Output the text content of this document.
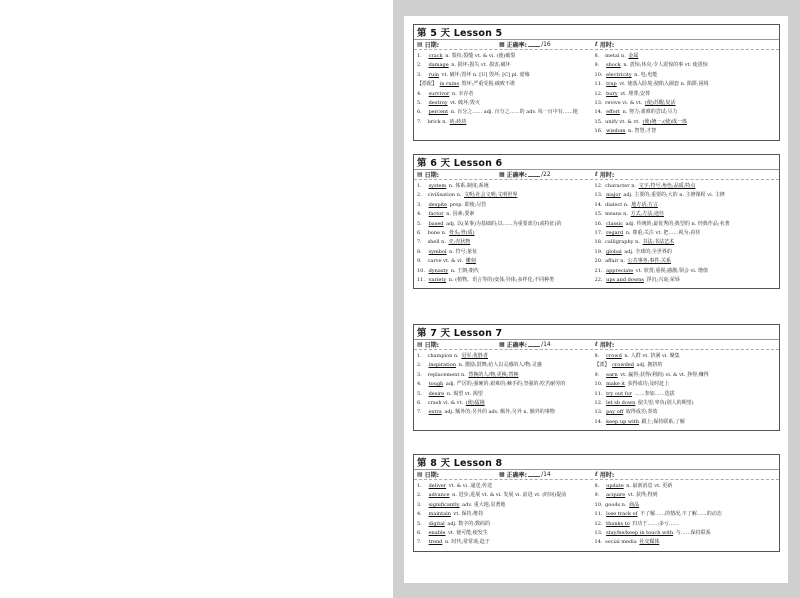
第 5 天 Lesson 5
▤ 日期:	▦ 正确率: /16	ℓ 用时:
1. crack n. 裂纹;裂缝 vt. & vi. (使)破裂
2. damage n. 损坏;损失 vt. 损害;破坏
3. ruin vt. 破坏;毁坏 n. [U] 毁坏; [C] pl. 废墟
【搭配】 in ruins 毁坏;严重受损;破败不堪
4. survivor n. 幸存者
5. destroy vt. 破坏;毁灭
6. percent n. 百分之…… adj. 百分之……的 adv. 每一百中有……地
7. brick n. 砖;砖块
8. metal n. 金属
9. shock n. 震惊;休克;令人震惊的事 vt. 使震惊
10. electricity n. 电;电能
11. trap vt. 使落入险境;使陷入圈套 n. 陷阱;困境
12. bury vt. 埋葬;安葬
13. revive vi. & vt. (使)苏醒;复活
14. effort n. 努力;艰难的尝试;尽力
15. unify vt. & vt. (使)统一;(使)成一体
16. wisdom n. 智慧;才智
第 6 天 Lesson 6
▤ 日期:	▦ 正确率: /22	ℓ 用时:
1. system n. 体系;制度;系统
2. civilisation n. 文明;社会文明;文明世界
3. despite prep. 即使;尽管
4. factor n. 因素;要素
5. based adj. 以(某事)为基础的;以……为重要部分(或特征)的
6. bone n. 骨头;骨(质)
7. shell n. 壳;壳状物
8. symbol n. 符号;象征
9. carve vt. & vi. 雕刻
10. dynasty n. 王朝;朝代
11. variety n. (植物、语言等的)变体;异体;多样化;不同种类
12. character n. 文字;符号;角色;品质;特点
13. major adj. 主要的;重要的;大的 n. 主修课程 vi. 主修
14. dialect n. 地方话;方言
15. means n. 方式;方法;途径
16. classic adj. 传统的;最优秀的;典型的 n. 经典作品;名著
17. regard n. 尊重;关注 vt. 把……视为;看待
18. calligraphy n. 书法;书法艺术
19. global adj. 全球的;全世界的
20. affair n. 公共事务;事件;关系
21. appreciate vt. 欣赏;重视;感激;领会 vi. 增值
22. ups and downs 浮沉;兴衰;荣辱
第 7 天 Lesson 7
▤ 日期:	▦ 正确率: /14	ℓ 用时:
1. champion n. 冠军;优胜者
2. inspiration n. 激励;鼓舞;给人以灵感的人/物;灵感
3. replacement n. 替换的人/物;更换;替换
4. tough adj. 严厉的;强硬的;艰难的;棘手的;坚强的;吃苦耐劳的
5. desire n. 渴望 vt. 渴望
6. crash vi. & vt. (使)猛撞
7. extra adj. 额外的;另外的 adv. 额外;另外 n. 额外的事物
8. crowd n. 人群 vt. 挤满 vi. 聚集
【派】 crowded adj. 拥挤的
9. earn vt. 赢得;获得(利润) vi. & vt. 挣得;赚得
10. make it 获得成功;及时赶上
11. try out for ……参加……选拔
12. let sb down 使失望;辜负(别人的期望)
13. pay off 取得成功;奏效
14. keep up with 跟上;保持联系;了解
第 8 天 Lesson 8
▤ 日期:	▦ 正确率: /14	ℓ 用时:
1. deliver vt. & vi. 递送;传送
2. advance n. 进步;进展 vt. & vi. 发展 vi. 前进 vt. (时间)提前
3. significantly adv. 重大地;显著地
4. maintain vt. 保持;维持
5. digital adj. 数字的;数码的
6. enable vt. 使可能;使发生
7. trend n. 时代;常常谈;趋于
8. update n. 最新消息 vt. 更新
9. acquire vt. 获得;得到
10. goods n. 商品
11. lose track of 不了解……的情况;不了解……的动态
12. thanks to 归功于……;多亏……
13. stay/be/keep in touch with 与……保持联系
14. social media 社交媒体
